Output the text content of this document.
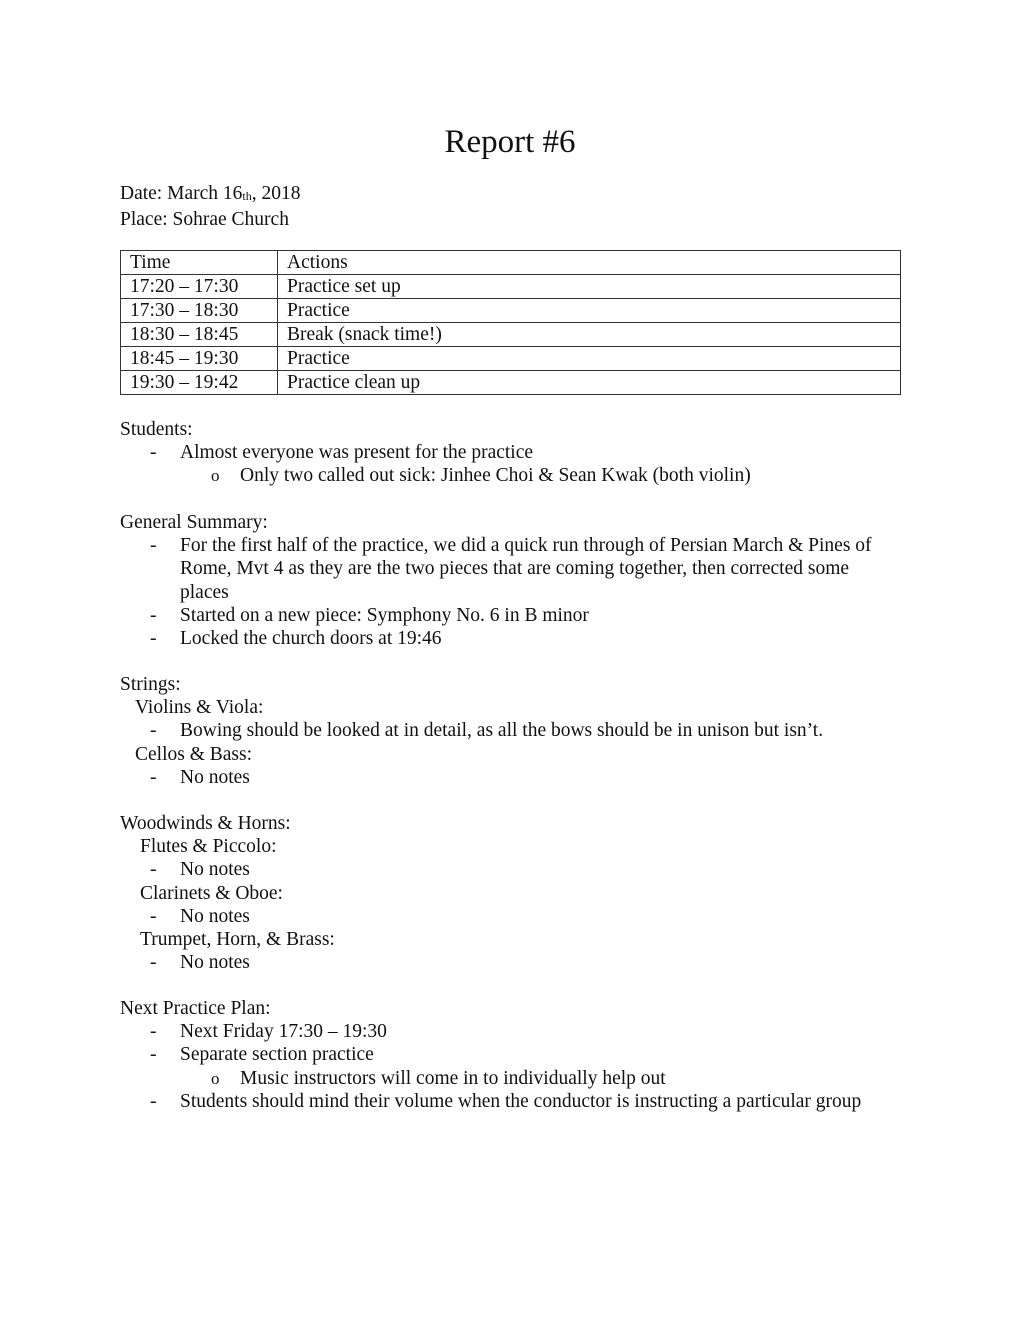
Report #6
Date: March $16_{th}$, 2018
Place: Sohrae Church
Time	Actions
17:20 – 17:30	Practice set up
17:30 – 18:30	Practice
18:30 – 18:45	Break (snack time!)
18:45 – 19:30	Practice
19:30 – 19:42	Practice clean up
Students:
- Almost everyone was present for the practice
o Only two called out sick: Jinhee Choi & Sean Kwak (both violin)
General Summary:
- For the first half of the practice, we did a quick run through of Persian March & Pines of
Rome, Mvt 4 as they are the two pieces that are coming together, then corrected some
places
- Started on a new piece: Symphony No. 6 in B minor
- Locked the church doors at 19:46
Strings:
Violins & Viola:
- Bowing should be looked at in detail, as all the bows should be in unison but isn’t.
Cellos & Bass:
- No notes
Woodwinds & Horns:
Flutes & Piccolo:
- No notes
Clarinets & Oboe:
- No notes
Trumpet, Horn, & Brass:
- No notes
Next Practice Plan:
- Next Friday 17:30 – 19:30
- Separate section practice
o Music instructors will come in to individually help out
- Students should mind their volume when the conductor is instructing a particular group
